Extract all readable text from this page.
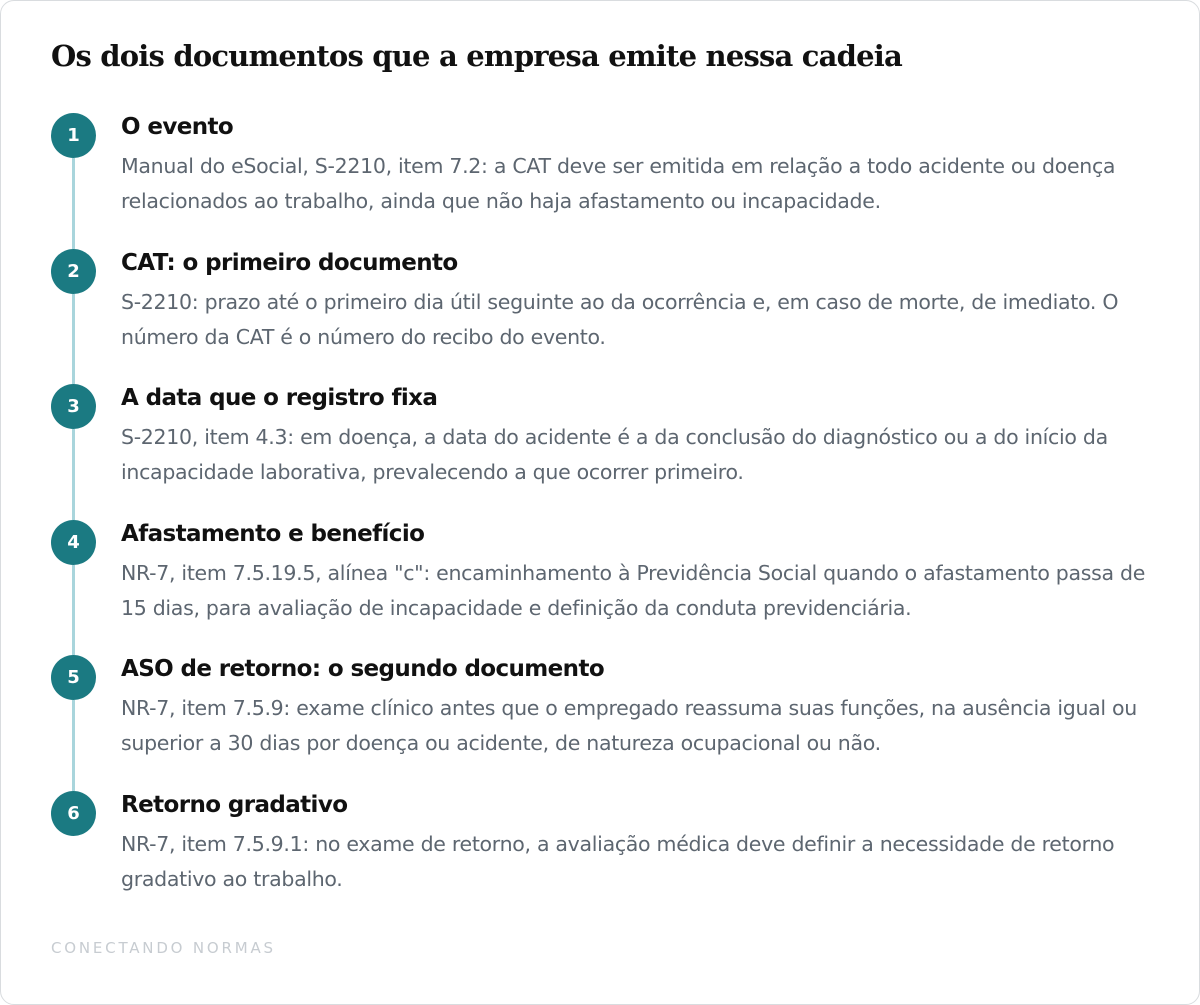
Os dois documentos que a empresa emite nessa cadeia
1	O evento
Manual do eSocial, S-2210, item 7.2: a CAT deve ser emitida em relação a todo acidente ou doença relacionados ao trabalho, ainda que não haja afastamento ou incapacidade.
2	CAT: o primeiro documento
S-2210: prazo até o primeiro dia útil seguinte ao da ocorrência e, em caso de morte, de imediato. O número da CAT é o número do recibo do evento.
3	A data que o registro fixa
S-2210, item 4.3: em doença, a data do acidente é a da conclusão do diagnóstico ou a do início da incapacidade laborativa, prevalecendo a que ocorrer primeiro.
4	Afastamento e benefício
NR-7, item 7.5.19.5, alínea "c": encaminhamento à Previdência Social quando o afastamento passa de 15 dias, para avaliação de incapacidade e definição da conduta previdenciária.
5	ASO de retorno: o segundo documento
NR-7, item 7.5.9: exame clínico antes que o empregado reassuma suas funções, na ausência igual ou superior a 30 dias por doença ou acidente, de natureza ocupacional ou não.
6	Retorno gradativo
NR-7, item 7.5.9.1: no exame de retorno, a avaliação médica deve definir a necessidade de retorno gradativo ao trabalho.
CONECTANDO NORMAS
